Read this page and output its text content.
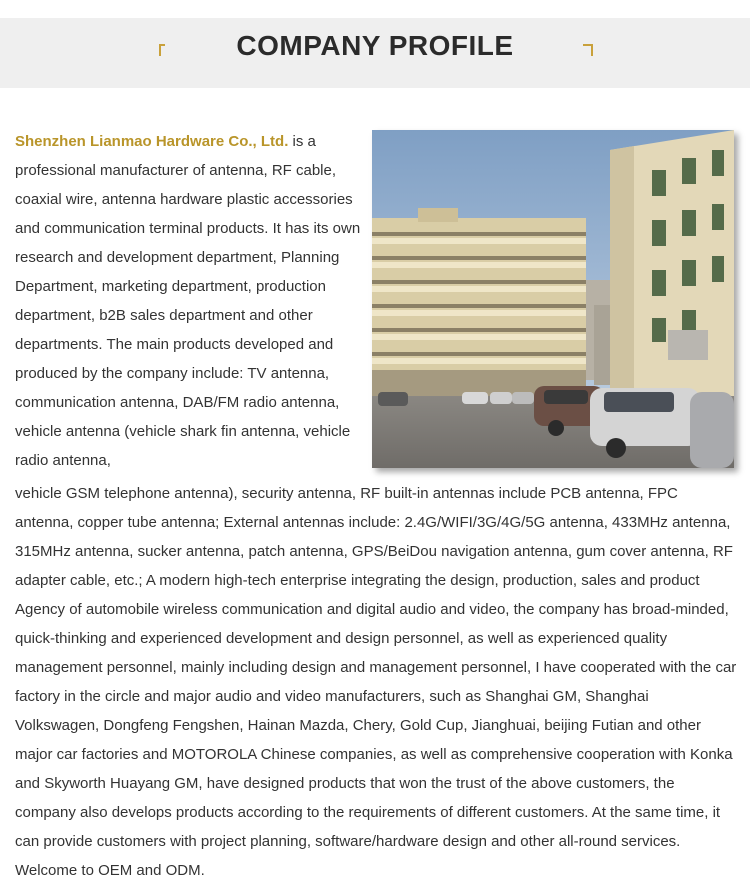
COMPANY PROFILE

Shenzhen Lianmao Hardware Co., Ltd. is a professional manufacturer of antenna, RF cable, coaxial wire, antenna hardware plastic accessories and communication terminal products. It has its own research and development department, Planning Department, marketing department, production department, b2B sales department and other departments. The main products developed and produced by the company include: TV antenna, communication antenna, DAB/FM radio antenna, vehicle antenna (vehicle shark fin antenna, vehicle radio antenna,

vehicle GSM telephone antenna), security antenna, RF built-in antennas include PCB antenna, FPC antenna, copper tube antenna; External antennas include: 2.4G/WIFI/3G/4G/5G antenna, 433MHz antenna, 315MHz antenna, sucker antenna, patch antenna, GPS/BeiDou navigation antenna, gum cover antenna, RF adapter cable, etc.; A modern high-tech enterprise integrating the design, production, sales and product Agency of automobile wireless communication and digital audio and video, the company has broad-minded, quick-thinking and experienced development and design personnel, as well as experienced quality management personnel, mainly including design and management personnel, I have cooperated with the car factory in the circle and major audio and video manufacturers, such as Shanghai GM, Shanghai Volkswagen, Dongfeng Fengshen, Hainan Mazda, Chery, Gold Cup, Jianghuai, beijing Futian and other major car factories and MOTOROLA Chinese companies, as well as comprehensive cooperation with Konka and Skyworth Huayang GM, have designed products that won the trust of the above customers, the company also develops products according to the requirements of different customers. At the same time, it can provide customers with project planning, software/hardware design and other all-round services. Welcome to OEM and ODM.
